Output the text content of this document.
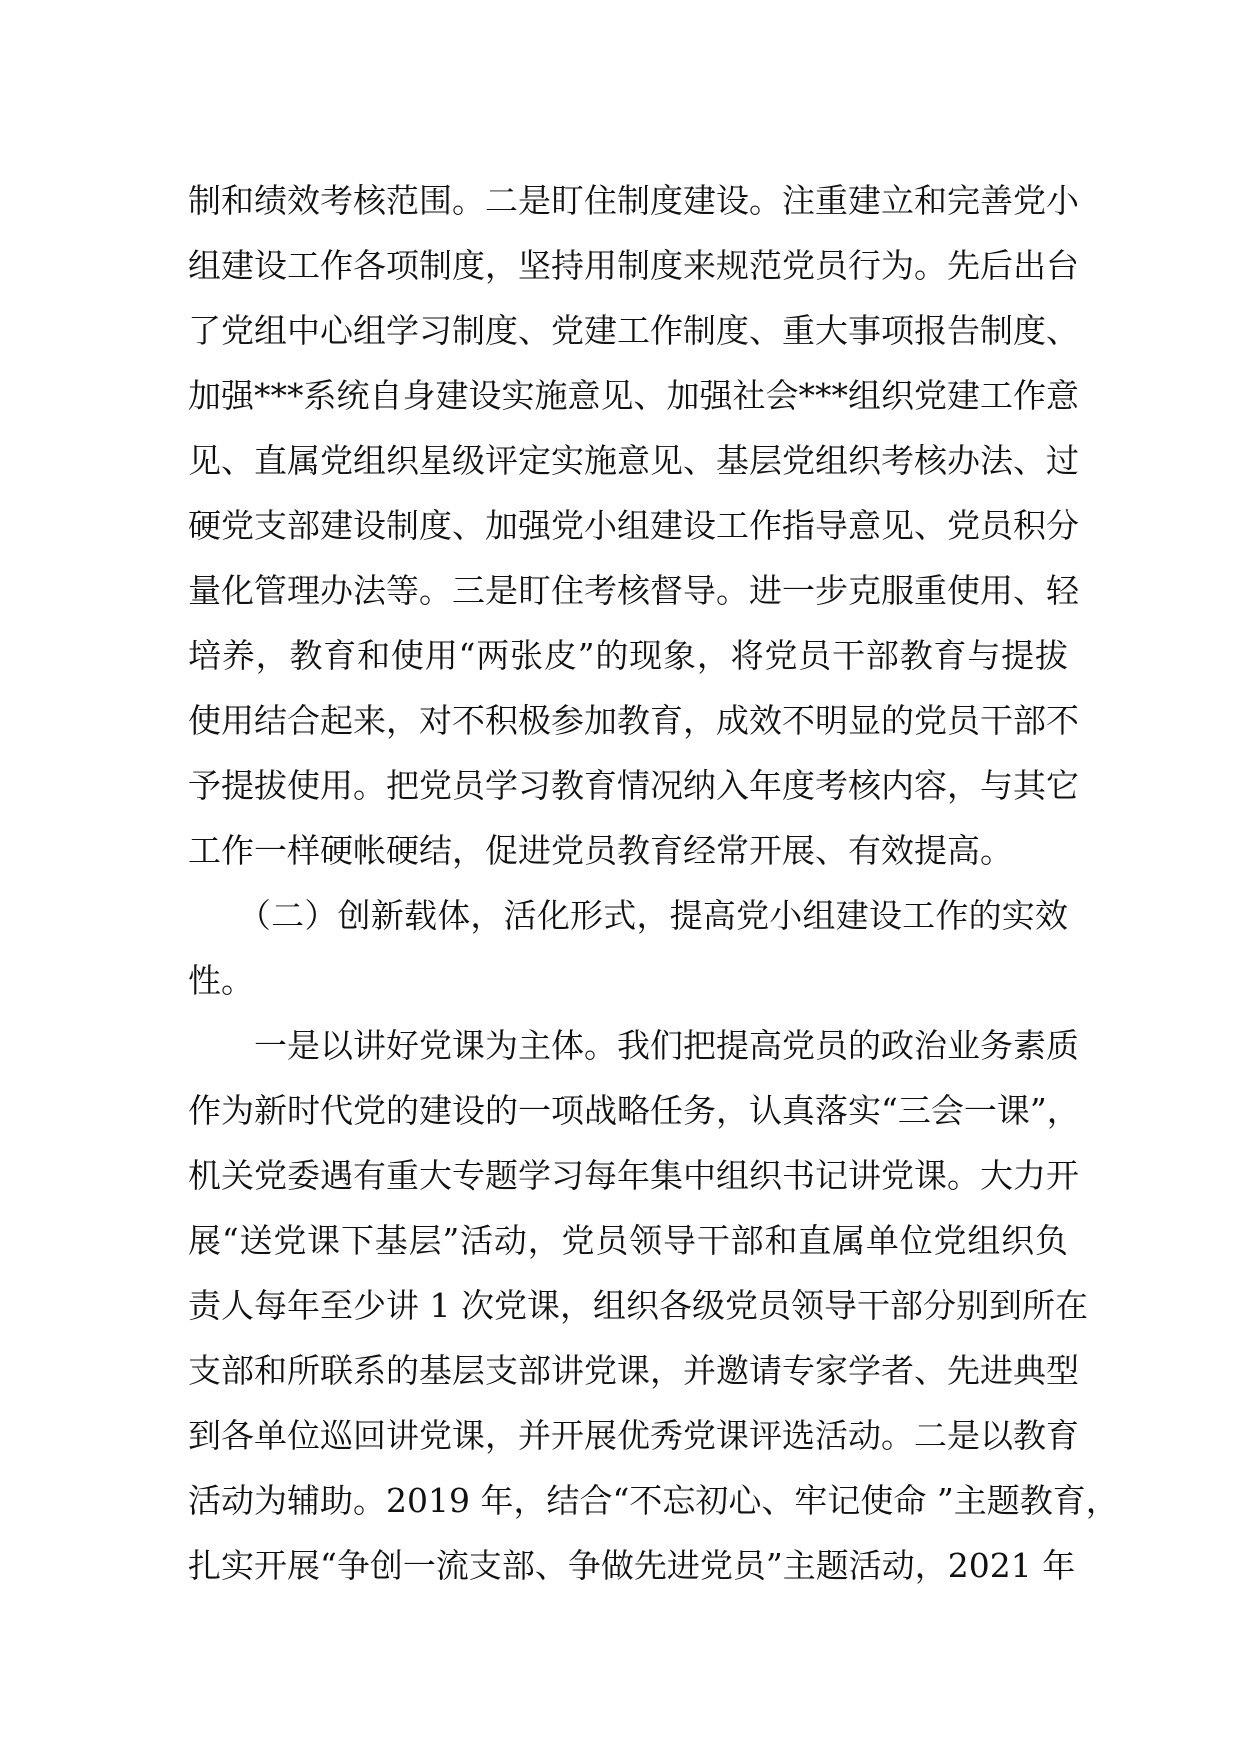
制和绩效考核范围。二是盯住制度建设。注重建立和完善党小
组建设工作各项制度，坚持用制度来规范党员行为。先后出台
了党组中心组学习制度、党建工作制度、重大事项报告制度、
加强***系统自身建设实施意见、加强社会***组织党建工作意
见、直属党组织星级评定实施意见、基层党组织考核办法、过
硬党支部建设制度、加强党小组建设工作指导意见、党员积分
量化管理办法等。三是盯住考核督导。进一步克服重使用、轻
培养，教育和使用“两张皮”的现象，将党员干部教育与提拔
使用结合起来，对不积极参加教育，成效不明显的党员干部不
予提拔使用。把党员学习教育情况纳入年度考核内容，与其它
工作一样硬帐硬结，促进党员教育经常开展、有效提高。
　　（二）创新载体，活化形式，提高党小组建设工作的实效
性。
　　一是以讲好党课为主体。我们把提高党员的政治业务素质
作为新时代党的建设的一项战略任务，认真落实“三会一课”，
机关党委遇有重大专题学习每年集中组织书记讲党课。大力开
展“送党课下基层”活动，党员领导干部和直属单位党组织负
责人每年至少讲 1 次党课，组织各级党员领导干部分别到所在
支部和所联系的基层支部讲党课，并邀请专家学者、先进典型
到各单位巡回讲党课，并开展优秀党课评选活动。二是以教育
活动为辅助。2019 年，结合“不忘初心、牢记使命 ”主题教育，
扎实开展“争创一流支部、争做先进党员”主题活动，2021 年
